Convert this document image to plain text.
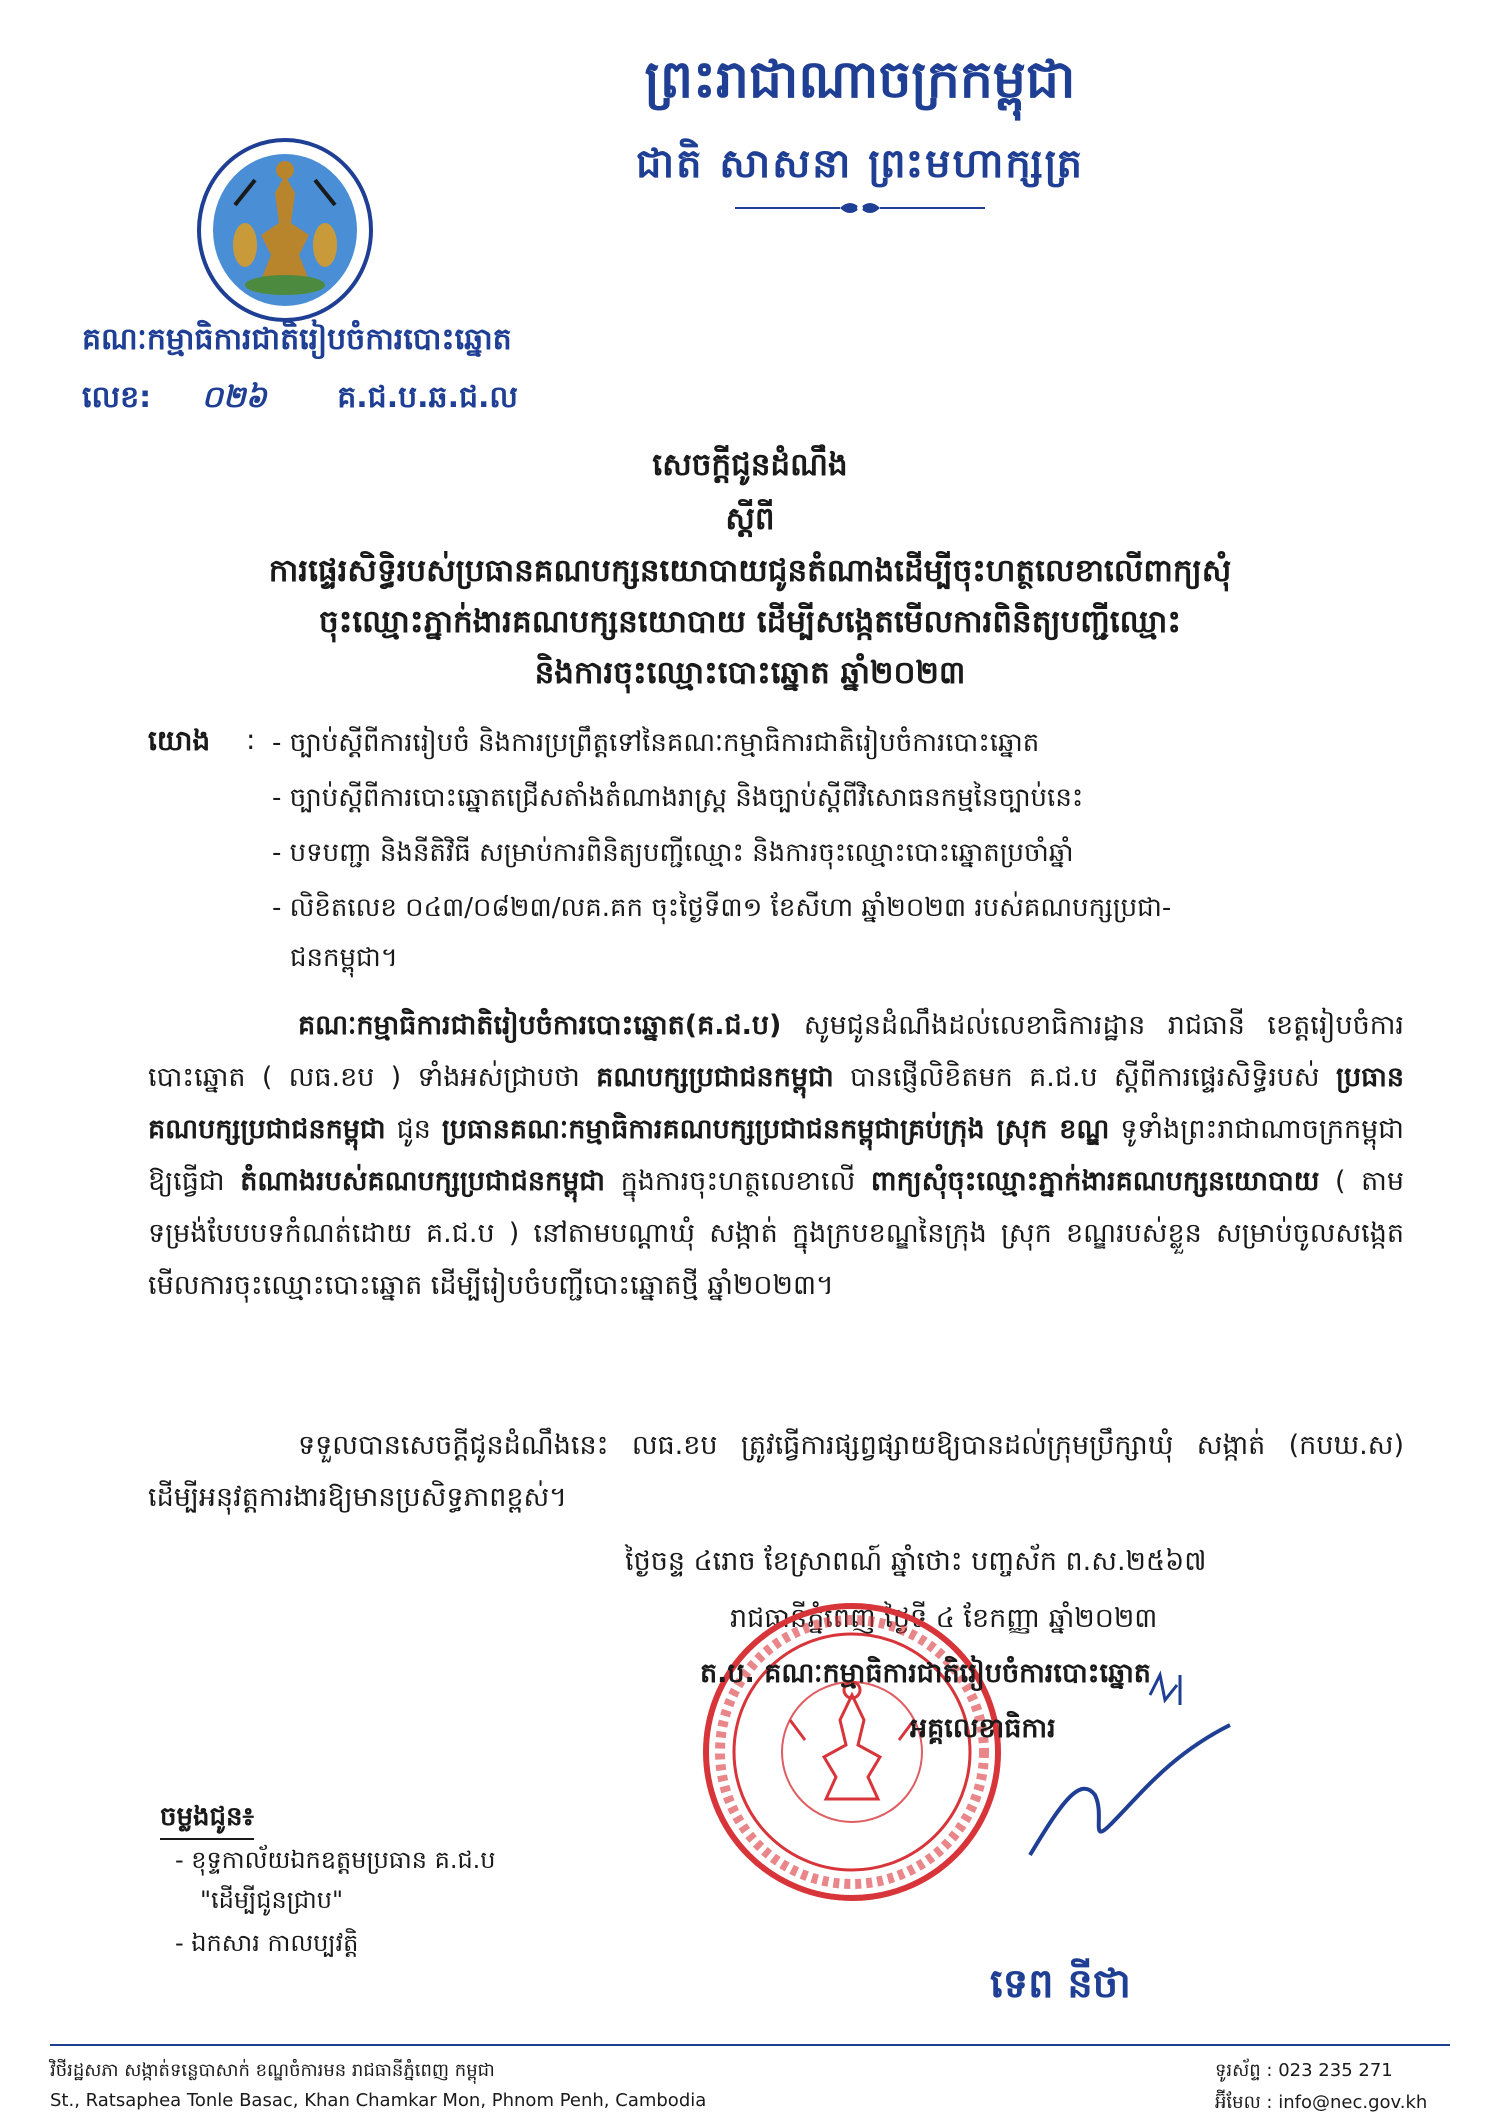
ព្រះរាជាណាចក្រកម្ពុជា
ជាតិ សាសនា ព្រះមហាក្សត្រ
គណៈកម្មាធិការជាតិរៀបចំការបោះឆ្នោត
លេខ: ០២៦ គ.ជ.ប.ឆ.ជ.ល
សេចក្ដីជូនដំណឹង
ស្ដីពី
ការផ្ទេរសិទ្ធិរបស់ប្រធានគណបក្សនយោបាយជូនតំណាងដើម្បីចុះហត្ថលេខាលើពាក្យសុំ
ចុះឈ្មោះភ្នាក់ងារគណបក្សនយោបាយ ដើម្បីសង្កេតមើលការពិនិត្យបញ្ជីឈ្មោះ
និងការចុះឈ្មោះបោះឆ្នោត ឆ្នាំ២០២៣
យោង : - ច្បាប់ស្ដីពីការរៀបចំ និងការប្រព្រឹត្តទៅនៃគណៈកម្មាធិការជាតិរៀបចំការបោះឆ្នោត
- ច្បាប់ស្ដីពីការបោះឆ្នោតជ្រើសតាំងតំណាងរាស្ត្រ និងច្បាប់ស្ដីពីវិសោធនកម្មនៃច្បាប់នេះ
- បទបញ្ជា និងនីតិវិធី សម្រាប់ការពិនិត្យបញ្ជីឈ្មោះ និងការចុះឈ្មោះបោះឆ្នោតប្រចាំឆ្នាំ
- លិខិតលេខ ០៤៣/០៨២៣/លគ.គក ចុះថ្ងៃទី៣១ ខែសីហា ឆ្នាំ២០២៣ របស់គណបក្សប្រជា-
ជនកម្ពុជា។
គណៈកម្មាធិការជាតិរៀបចំការបោះឆ្នោត(គ.ជ.ប) សូមជូនដំណឹងដល់លេខាធិការដ្ឋាន រាជធានី ខេត្តរៀបចំការបោះឆ្នោត ( លធ.ខប ) ទាំងអស់ជ្រាបថា គណបក្សប្រជាជនកម្ពុជា បានផ្ញើលិខិតមក គ.ជ.ប ស្ដីពីការផ្ទេរសិទ្ធិរបស់ ប្រធានគណបក្សប្រជាជនកម្ពុជា ជូន ប្រធានគណៈកម្មាធិការគណបក្សប្រជាជនកម្ពុជាគ្រប់ក្រុង ស្រុក ខណ្ឌ ទូទាំងព្រះរាជាណាចក្រកម្ពុជា ឱ្យធ្វើជា តំណាងរបស់គណបក្សប្រជាជនកម្ពុជា ក្នុងការចុះហត្ថលេខាលើ ពាក្យសុំចុះឈ្មោះភ្នាក់ងារគណបក្សនយោបាយ ( តាមទម្រង់បែបបទកំណត់ដោយ គ.ជ.ប ) នៅតាមបណ្ដាឃុំ សង្កាត់ ក្នុងក្របខណ្ឌនៃក្រុង ស្រុក ខណ្ឌរបស់ខ្លួន សម្រាប់ចូលសង្កេតមើលការចុះឈ្មោះបោះឆ្នោត ដើម្បីរៀបចំបញ្ជីបោះឆ្នោតថ្មី ឆ្នាំ២០២៣។
ទទួលបានសេចក្ដីជូនដំណឹងនេះ លធ.ខប ត្រូវធ្វើការផ្សព្វផ្សាយឱ្យបានដល់ក្រុមប្រឹក្សាឃុំ សង្កាត់ (កបឃ.ស) ដើម្បីអនុវត្តការងារឱ្យមានប្រសិទ្ធភាពខ្ពស់។
ថ្ងៃចន្ទ ៤រោច ខែស្រាពណ៍ ឆ្នាំថោះ បញ្ចស័ក ព.ស.២៥៦៧
រាជធានីភ្នំពេញ ថ្ងៃទី ៤ ខែកញ្ញា ឆ្នាំ២០២៣
ត.ប. គណៈកម្មាធិការជាតិរៀបចំការបោះឆ្នោត
អគ្គលេខាធិការ
ទេព នីថា
ចម្លងជូន៖
- ខុទ្ទកាល័យឯកឧត្ដមប្រធាន គ.ជ.ប
"ដើម្បីជូនជ្រាប"
- ឯកសារ កាលប្បវត្តិ
វិថីរដ្ឋសភា សង្កាត់ទន្លេបាសាក់ ខណ្ឌចំការមន រាជធានីភ្នំពេញ កម្ពុជា
St., Ratsaphea Tonle Basac, Khan Chamkar Mon, Phnom Penh, Cambodia
ទូរស័ព្ទ : 023 235 271
អ៊ីមែល : info@nec.gov.kh
